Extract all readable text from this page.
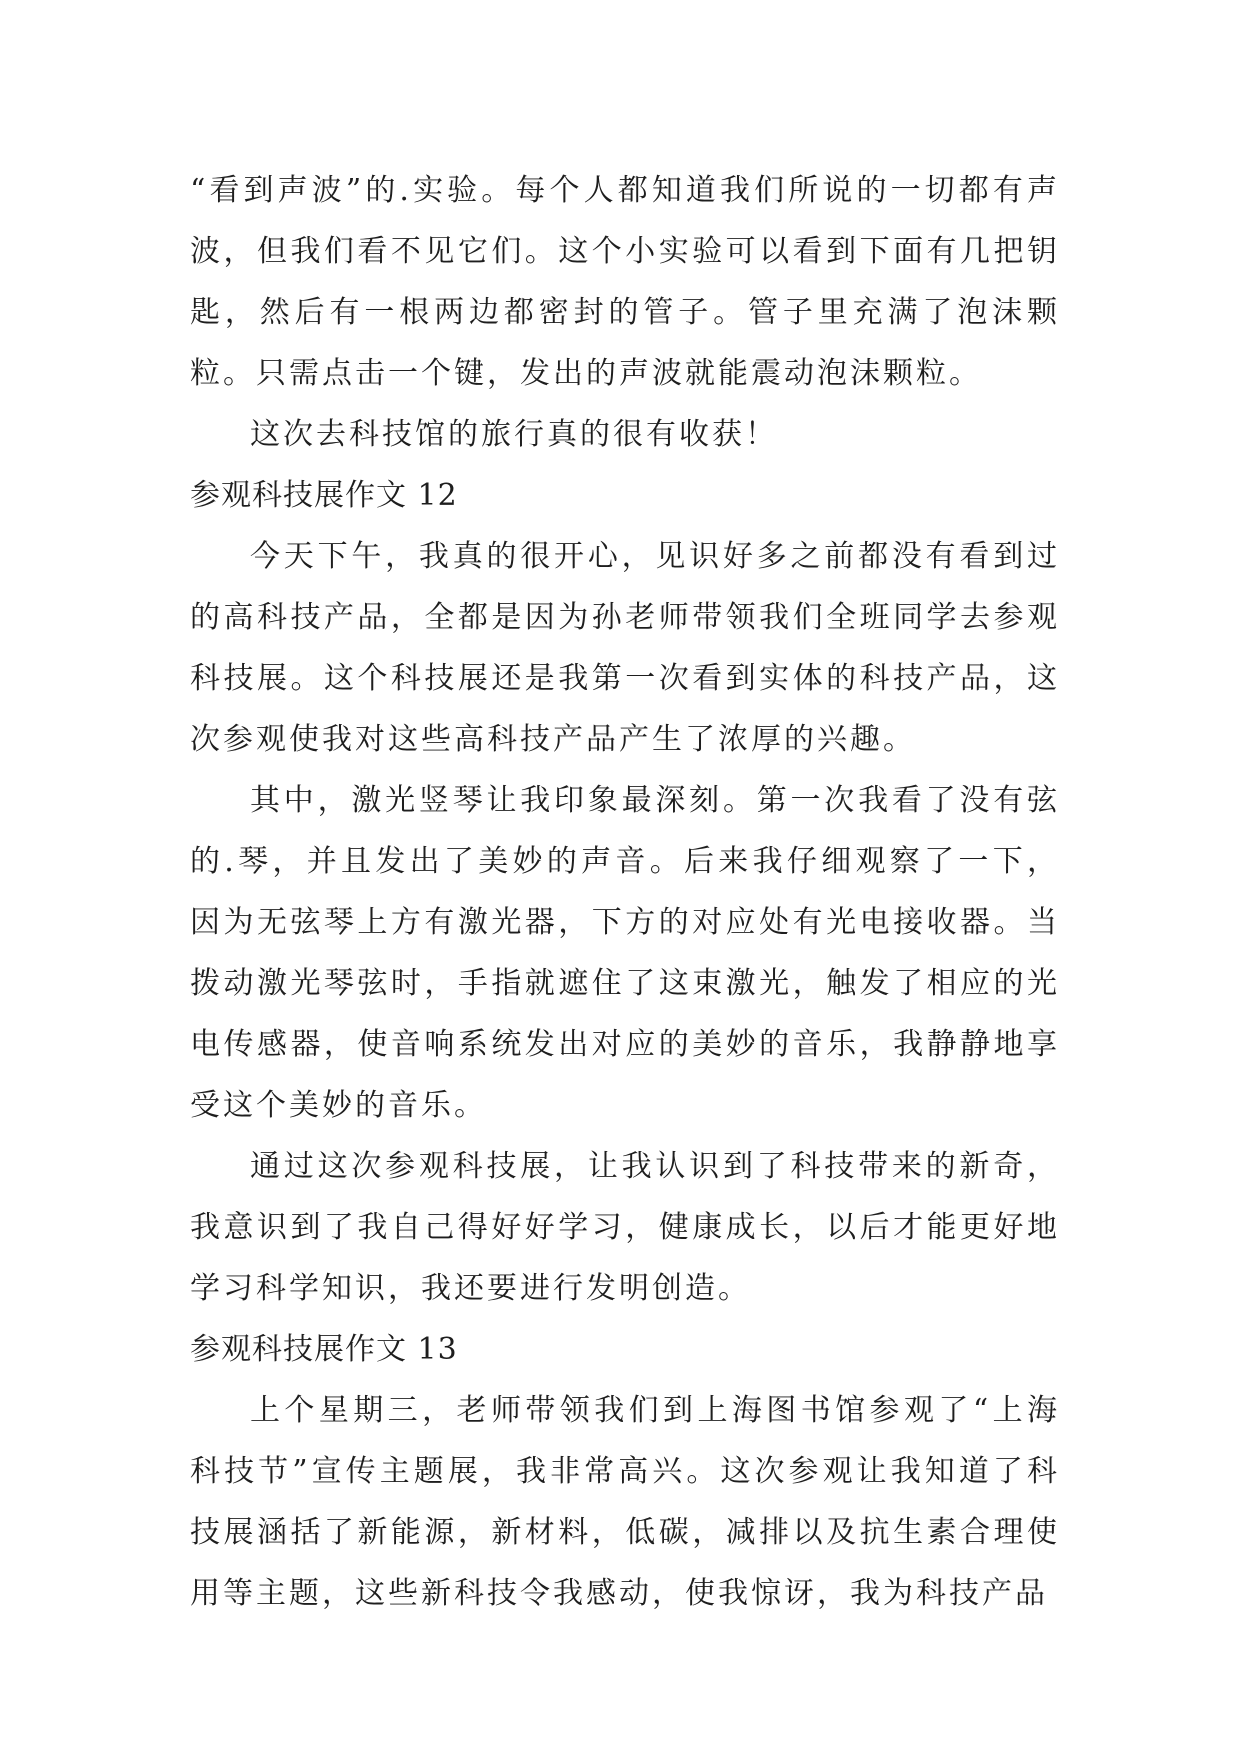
“看到声波”的.实验。每个人都知道我们所说的一切都有声波，但我们看不见它们。这个小实验可以看到下面有几把钥匙，然后有一根两边都密封的管子。管子里充满了泡沫颗粒。只需点击一个键，发出的声波就能震动泡沫颗粒。

这次去科技馆的旅行真的很有收获！

参观科技展作文 12

今天下午，我真的很开心，见识好多之前都没有看到过的高科技产品，全都是因为孙老师带领我们全班同学去参观科技展。这个科技展还是我第一次看到实体的科技产品，这次参观使我对这些高科技产品产生了浓厚的兴趣。

其中，激光竖琴让我印象最深刻。第一次我看了没有弦的.琴，并且发出了美妙的声音。后来我仔细观察了一下，因为无弦琴上方有激光器，下方的对应处有光电接收器。当拨动激光琴弦时，手指就遮住了这束激光，触发了相应的光电传感器，使音响系统发出对应的美妙的音乐，我静静地享受这个美妙的音乐。

通过这次参观科技展，让我认识到了科技带来的新奇，我意识到了我自己得好好学习，健康成长，以后才能更好地学习科学知识，我还要进行发明创造。

参观科技展作文 13

上个星期三，老师带领我们到上海图书馆参观了“上海科技节”宣传主题展，我非常高兴。这次参观让我知道了科技展涵括了新能源，新材料，低碳，减排以及抗生素合理使用等主题，这些新科技令我感动，使我惊讶，我为科技产品
